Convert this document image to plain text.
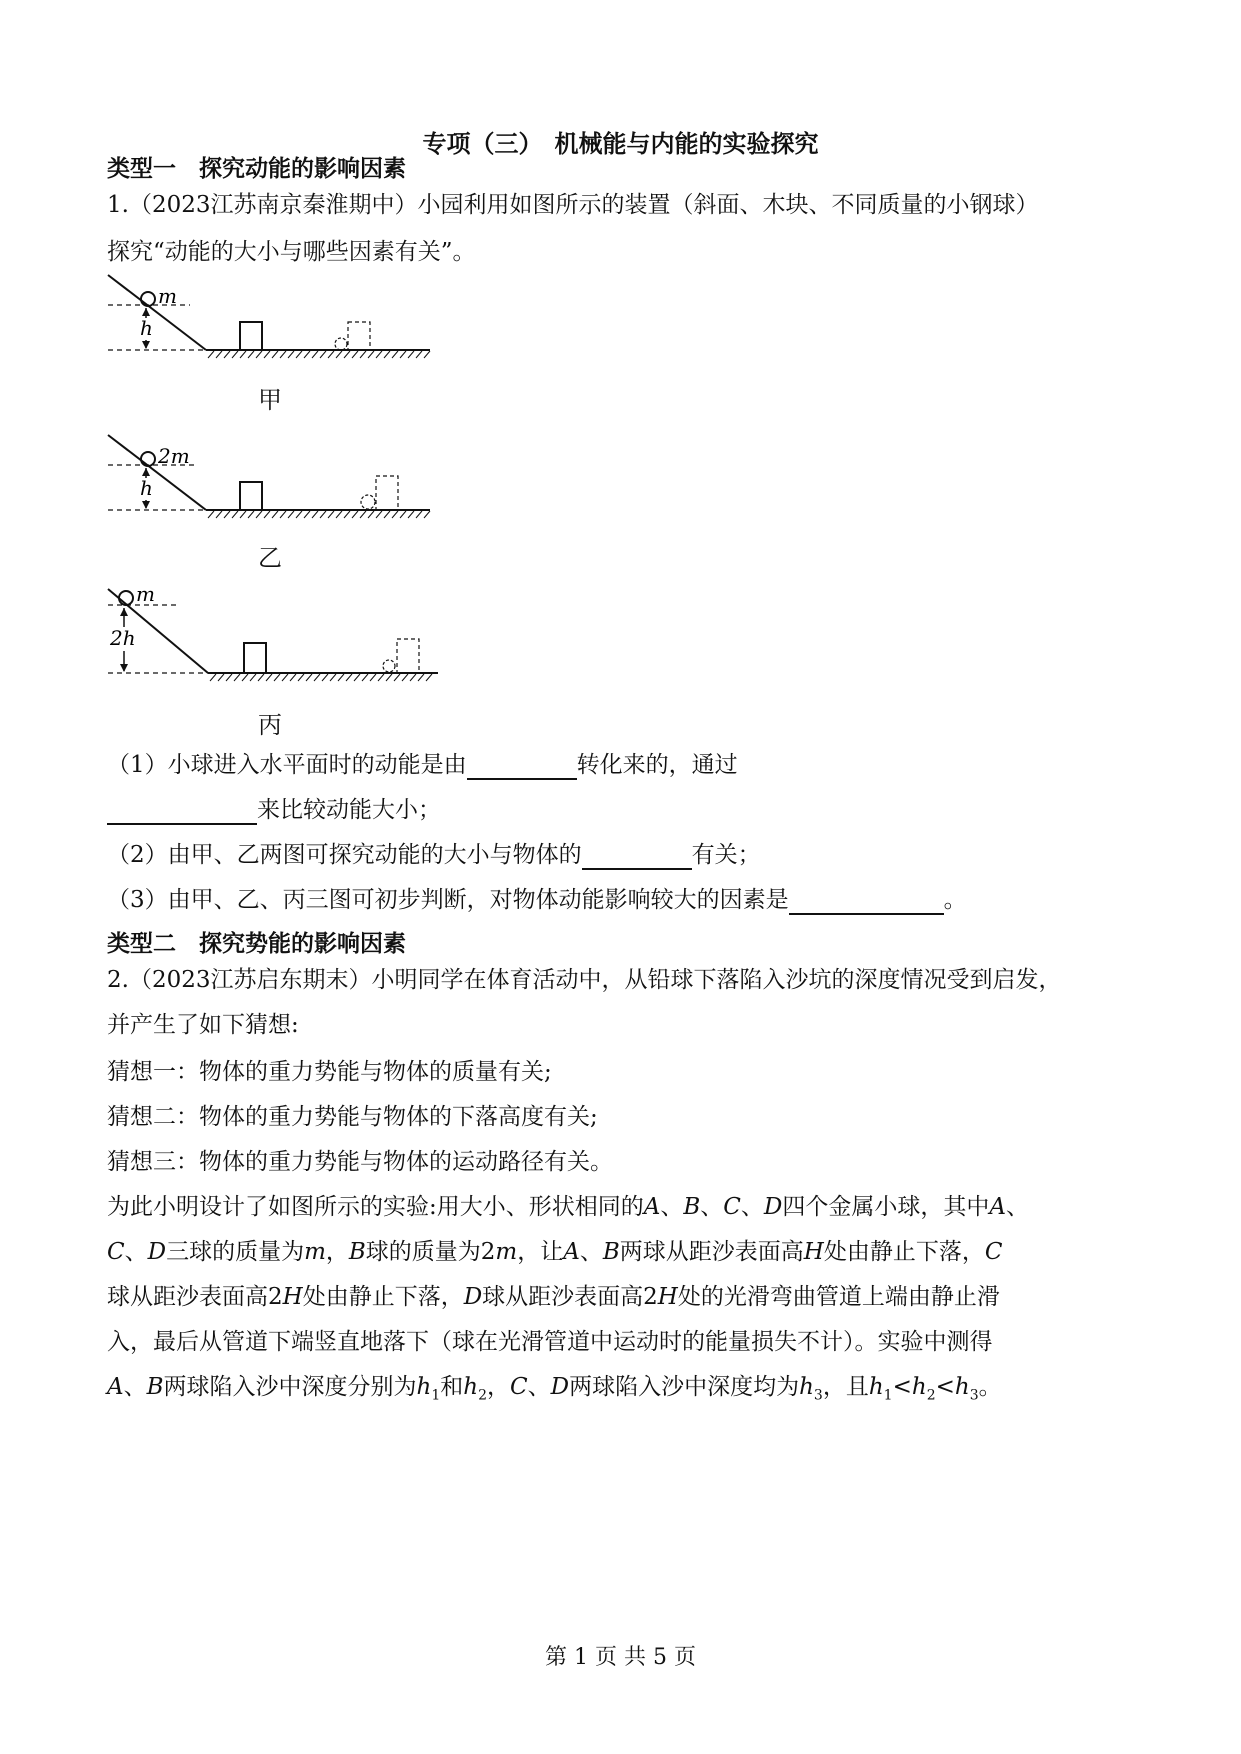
专项（三）　机械能与内能的实验探究
类型一　探究动能的影响因素
1.（2023江苏南京秦淮期中）小园利用如图所示的装置（斜面、木块、不同质量的小钢球）
探究“动能的大小与哪些因素有关”。
m
h
甲
2m
h
乙
m
2h
丙
（1）小球进入水平面时的动能是由	转化来的，通过
来比较动能大小；
（2）由甲、乙两图可探究动能的大小与物体的	有关；
（3）由甲、乙、丙三图可初步判断，对物体动能影响较大的因素是	。
类型二　探究势能的影响因素
2.（2023江苏启东期末）小明同学在体育活动中，从铅球下落陷入沙坑的深度情况受到启发，
并产生了如下猜想:
猜想一：物体的重力势能与物体的质量有关;
猜想二：物体的重力势能与物体的下落高度有关;
猜想三：物体的重力势能与物体的运动路径有关。
为此小明设计了如图所示的实验:用大小、形状相同的A、B、C、D四个金属小球，其中A、
C、D三球的质量为m，B球的质量为2m，让A、B两球从距沙表面高H处由静止下落，C
球从距沙表面高2H处由静止下落，D球从距沙表面高2H处的光滑弯曲管道上端由静止滑
入，最后从管道下端竖直地落下（球在光滑管道中运动时的能量损失不计）。实验中测得
A、B两球陷入沙中深度分别为$h_1$和$h_2$，C、D两球陷入沙中深度均为$h_3$，且$h_1<h_2<h_3$。
第 1 页 共 5 页
